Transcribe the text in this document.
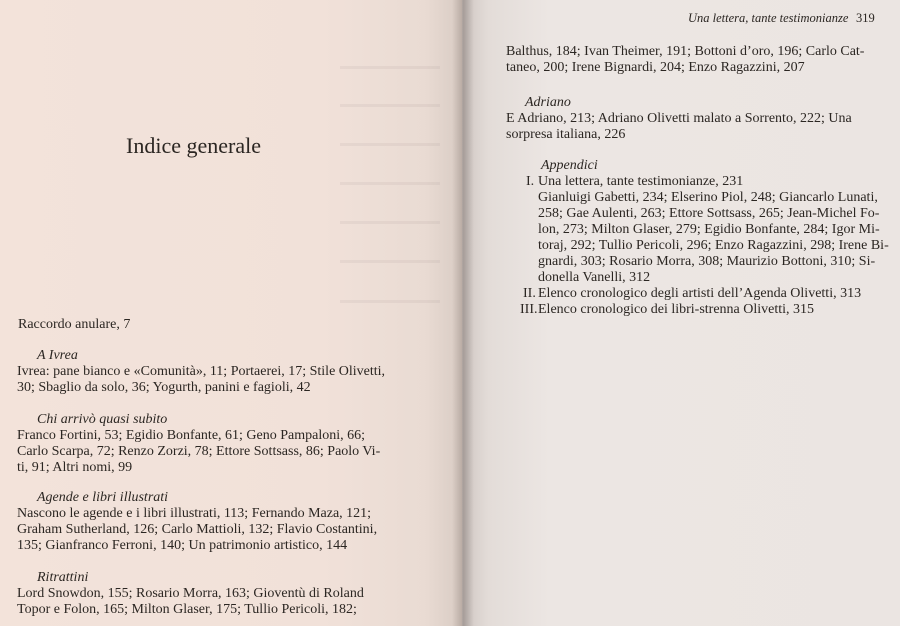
Indice generale
Raccordo anulare, 7
A Ivrea
Ivrea: pane bianco e «Comunità», 11; Portaerei, 17; Stile Olivetti,
30; Sbaglio da solo, 36; Yogurth, panini e fagioli, 42
Chi arrivò quasi subito
Franco Fortini, 53; Egidio Bonfante, 61; Geno Pampaloni, 66;
Carlo Scarpa, 72; Renzo Zorzi, 78; Ettore Sottsass, 86; Paolo Vi-
ti, 91; Altri nomi, 99
Agende e libri illustrati
Nascono le agende e i libri illustrati, 113; Fernando Maza, 121;
Graham Sutherland, 126; Carlo Mattioli, 132; Flavio Costantini,
135; Gianfranco Ferroni, 140; Un patrimonio artistico, 144
Ritrattini
Lord Snowdon, 155; Rosario Morra, 163; Gioventù di Roland
Topor e Folon, 165; Milton Glaser, 175; Tullio Pericoli, 182;
Una lettera, tante testimonianze 319
Balthus, 184; Ivan Theimer, 191; Bottoni d’oro, 196; Carlo Cat-
taneo, 200; Irene Bignardi, 204; Enzo Ragazzini, 207
Adriano
E Adriano, 213; Adriano Olivetti malato a Sorrento, 222; Una
sorpresa italiana, 226
Appendici
I. Una lettera, tante testimonianze, 231
Gianluigi Gabetti, 234; Elserino Piol, 248; Giancarlo Lunati,
258; Gae Aulenti, 263; Ettore Sottsass, 265; Jean-Michel Fo-
lon, 273; Milton Glaser, 279; Egidio Bonfante, 284; Igor Mi-
toraj, 292; Tullio Pericoli, 296; Enzo Ragazzini, 298; Irene Bi-
gnardi, 303; Rosario Morra, 308; Maurizio Bottoni, 310; Si-
donella Vanelli, 312
II. Elenco cronologico degli artisti dell’Agenda Olivetti, 313
III. Elenco cronologico dei libri-strenna Olivetti, 315
